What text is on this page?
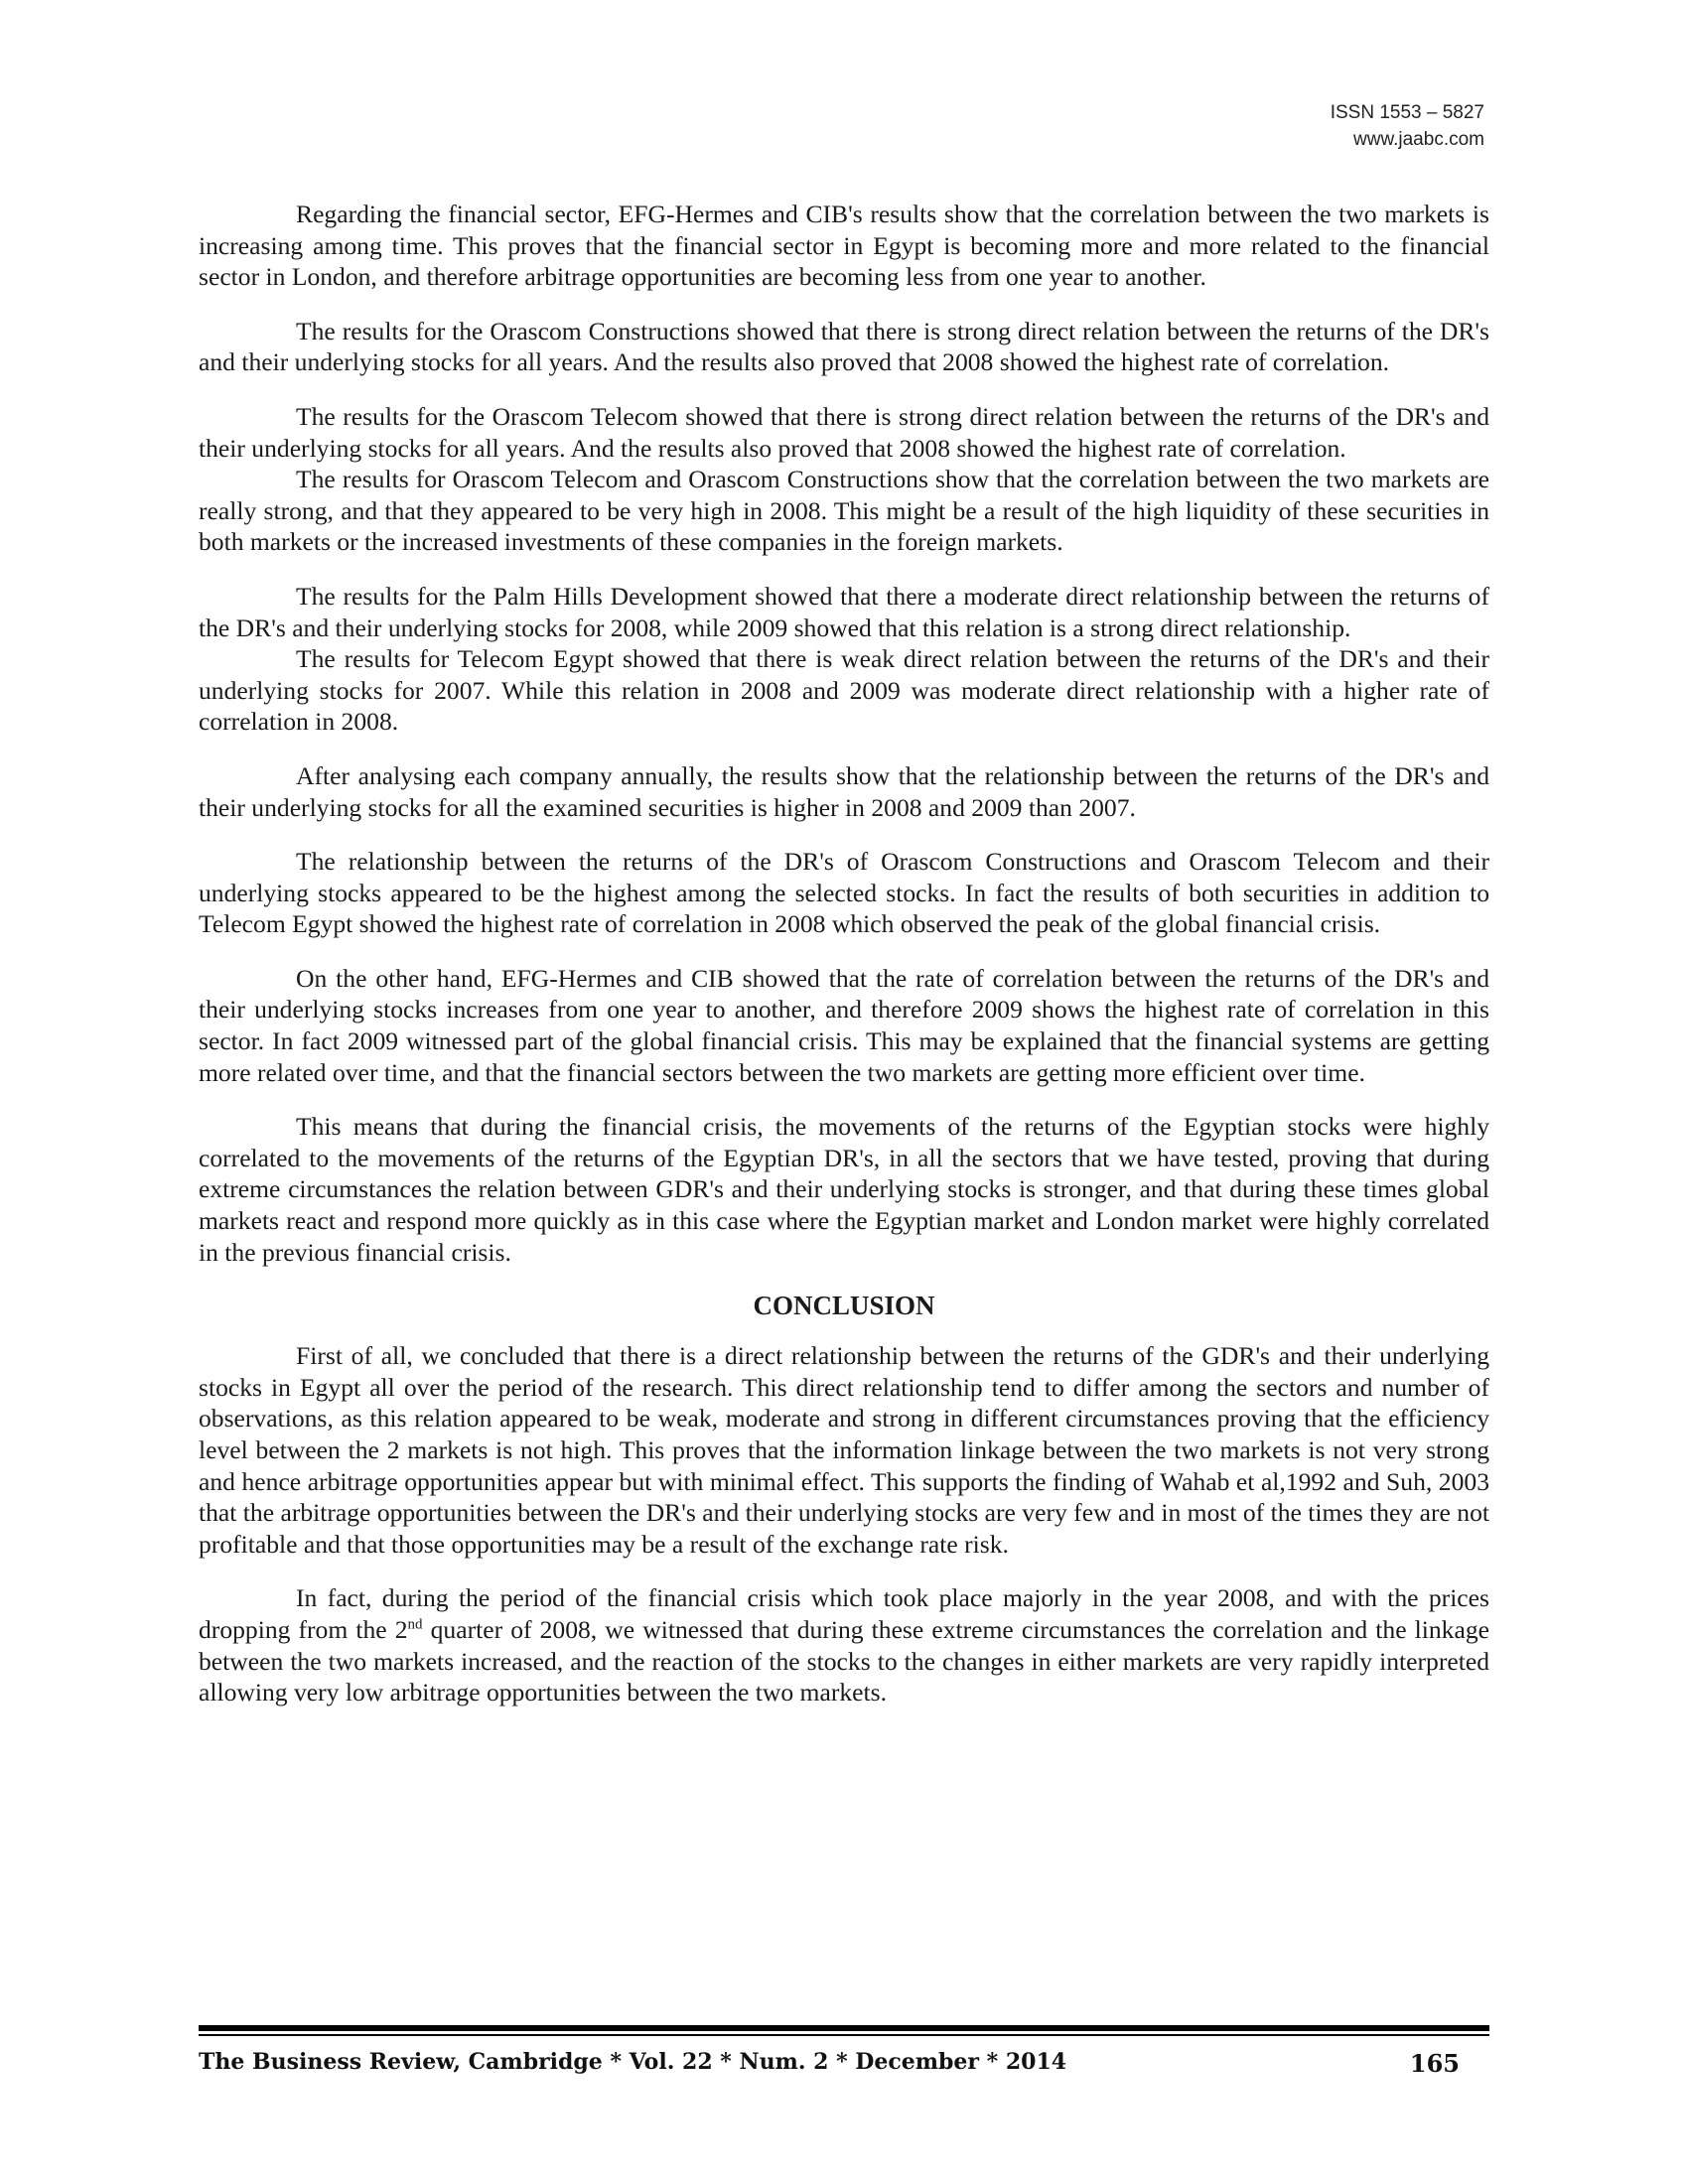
ISSN 1553 – 5827
www.jaabc.com

Regarding the financial sector, EFG-Hermes and CIB's results show that the correlation between the two markets is increasing among time. This proves that the financial sector in Egypt is becoming more and more related to the financial sector in London, and therefore arbitrage opportunities are becoming less from one year to another.

The results for the Orascom Constructions showed that there is strong direct relation between the returns of the DR's and their underlying stocks for all years. And the results also proved that 2008 showed the highest rate of correlation.

The results for the Orascom Telecom showed that there is strong direct relation between the returns of the DR's and their underlying stocks for all years. And the results also proved that 2008 showed the highest rate of correlation.

The results for Orascom Telecom and Orascom Constructions show that the correlation between the two markets are really strong, and that they appeared to be very high in 2008. This might be a result of the high liquidity of these securities in both markets or the increased investments of these companies in the foreign markets.

The results for the Palm Hills Development showed that there a moderate direct relationship between the returns of the DR's and their underlying stocks for 2008, while 2009 showed that this relation is a strong direct relationship.

The results for Telecom Egypt showed that there is weak direct relation between the returns of the DR's and their underlying stocks for 2007. While this relation in 2008 and 2009 was moderate direct relationship with a higher rate of correlation in 2008.

After analysing each company annually, the results show that the relationship between the returns of the DR's and their underlying stocks for all the examined securities is higher in 2008 and 2009 than 2007.

The relationship between the returns of the DR's of Orascom Constructions and Orascom Telecom and their underlying stocks appeared to be the highest among the selected stocks. In fact the results of both securities in addition to Telecom Egypt showed the highest rate of correlation in 2008 which observed the peak of the global financial crisis.

On the other hand, EFG-Hermes and CIB showed that the rate of correlation between the returns of the DR's and their underlying stocks increases from one year to another, and therefore 2009 shows the highest rate of correlation in this sector. In fact 2009 witnessed part of the global financial crisis. This may be explained that the financial systems are getting more related over time, and that the financial sectors between the two markets are getting more efficient over time.

This means that during the financial crisis, the movements of the returns of the Egyptian stocks were highly correlated to the movements of the returns of the Egyptian DR's, in all the sectors that we have tested, proving that during extreme circumstances the relation between GDR's and their underlying stocks is stronger, and that during these times global markets react and respond more quickly as in this case where the Egyptian market and London market were highly correlated in the previous financial crisis.

CONCLUSION

First of all, we concluded that there is a direct relationship between the returns of the GDR's and their underlying stocks in Egypt all over the period of the research. This direct relationship tend to differ among the sectors and number of observations, as this relation appeared to be weak, moderate and strong in different circumstances proving that the efficiency level between the 2 markets is not high. This proves that the information linkage between the two markets is not very strong and hence arbitrage opportunities appear but with minimal effect. This supports the finding of Wahab et al,1992 and Suh, 2003 that the arbitrage opportunities between the DR's and their underlying stocks are very few and in most of the times they are not profitable and that those opportunities may be a result of the exchange rate risk.

In fact, during the period of the financial crisis which took place majorly in the year 2008, and with the prices dropping from the 2nd quarter of 2008, we witnessed that during these extreme circumstances the correlation and the linkage between the two markets increased, and the reaction of the stocks to the changes in either markets are very rapidly interpreted allowing very low arbitrage opportunities between the two markets.

The Business Review, Cambridge * Vol. 22 * Num. 2 * December * 2014	165
